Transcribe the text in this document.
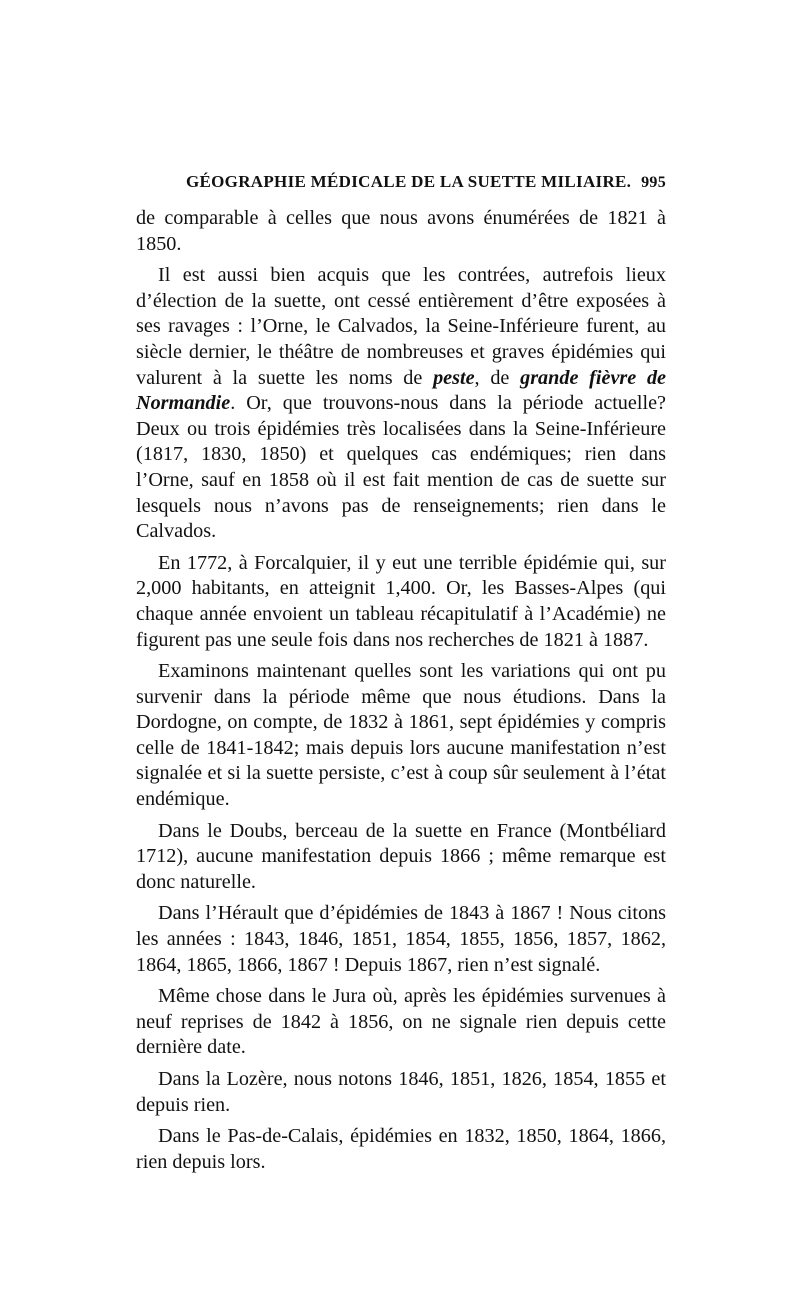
GÉOGRAPHIE MÉDICALE DE LA SUETTE MILIAIRE. 995

de comparable à celles que nous avons énumérées de 1821 à 1850.

Il est aussi bien acquis que les contrées, autrefois lieux d’élection de la suette, ont cessé entièrement d’être exposées à ses ravages : l’Orne, le Calvados, la Seine-Inférieure furent, au siècle dernier, le théâtre de nombreuses et graves épidémies qui valurent à la suette les noms de peste, de grande fièvre de Normandie. Or, que trouvons-nous dans la période actuelle? Deux ou trois épidémies très localisées dans la Seine-Inférieure (1817, 1830, 1850) et quelques cas endémiques; rien dans l’Orne, sauf en 1858 où il est fait mention de cas de suette sur lesquels nous n’avons pas de renseignements; rien dans le Calvados.

En 1772, à Forcalquier, il y eut une terrible épidémie qui, sur 2,000 habitants, en atteignit 1,400. Or, les Basses-Alpes (qui chaque année envoient un tableau récapitulatif à l’Académie) ne figurent pas une seule fois dans nos recherches de 1821 à 1887.

Examinons maintenant quelles sont les variations qui ont pu survenir dans la période même que nous étudions. Dans la Dordogne, on compte, de 1832 à 1861, sept épidémies y compris celle de 1841-1842; mais depuis lors aucune manifestation n’est signalée et si la suette persiste, c’est à coup sûr seulement à l’état endémique.

Dans le Doubs, berceau de la suette en France (Montbéliard 1712), aucune manifestation depuis 1866 ; même remarque est donc naturelle.

Dans l’Hérault que d’épidémies de 1843 à 1867 ! Nous citons les années : 1843, 1846, 1851, 1854, 1855, 1856, 1857, 1862, 1864, 1865, 1866, 1867 ! Depuis 1867, rien n’est signalé.

Même chose dans le Jura où, après les épidémies survenues à neuf reprises de 1842 à 1856, on ne signale rien depuis cette dernière date.

Dans la Lozère, nous notons 1846, 1851, 1826, 1854, 1855 et depuis rien.

Dans le Pas-de-Calais, épidémies en 1832, 1850, 1864, 1866, rien depuis lors.
